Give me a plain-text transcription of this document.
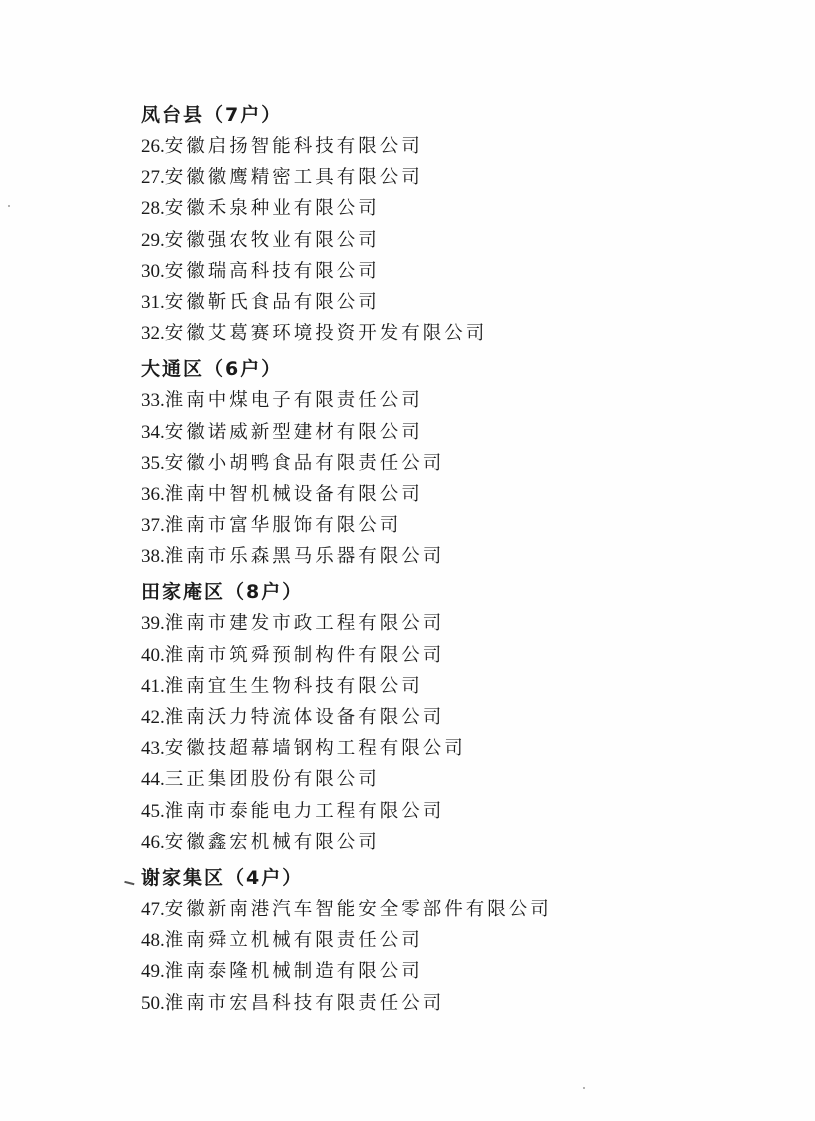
凤台县（7户）
26.安徽启扬智能科技有限公司
27.安徽徽鹰精密工具有限公司
28.安徽禾泉种业有限公司
29.安徽强农牧业有限公司
30.安徽瑞高科技有限公司
31.安徽靳氏食品有限公司
32.安徽艾葛赛环境投资开发有限公司
大通区（6户）
33.淮南中煤电子有限责任公司
34.安徽诺威新型建材有限公司
35.安徽小胡鸭食品有限责任公司
36.淮南中智机械设备有限公司
37.淮南市富华服饰有限公司
38.淮南市乐森黑马乐器有限公司
田家庵区（8户）
39.淮南市建发市政工程有限公司
40.淮南市筑舜预制构件有限公司
41.淮南宜生生物科技有限公司
42.淮南沃力特流体设备有限公司
43.安徽技超幕墙钢构工程有限公司
44.三正集团股份有限公司
45.淮南市泰能电力工程有限公司
46.安徽鑫宏机械有限公司
谢家集区（4户）
47.安徽新南港汽车智能安全零部件有限公司
48.淮南舜立机械有限责任公司
49.淮南泰隆机械制造有限公司
50.淮南市宏昌科技有限责任公司
